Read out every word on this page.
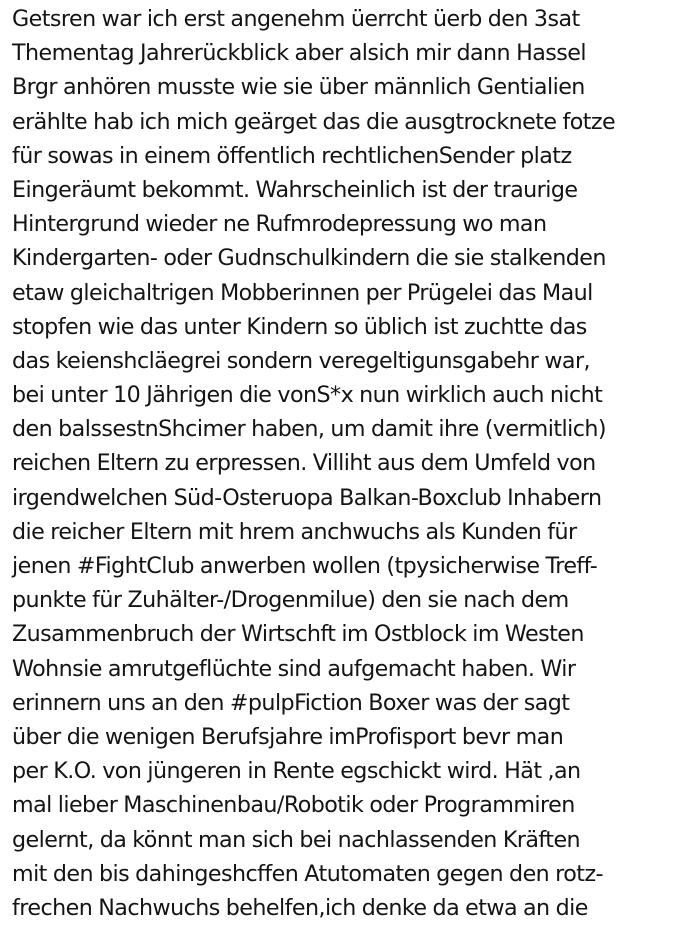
Getsren war ich erst angenehm üerrcht üerb den 3sat
Thementag Jahrerückblick aber alsich mir dann Hassel
Brgr anhören musste wie sie über männlich Gentialien
erählte hab ich mich geärget das die ausgtrocknete fotze
für sowas in einem öffentlich rechtlichenSender platz
Eingeräumt bekommt. Wahrscheinlich ist der traurige
Hintergrund wieder ne Rufmrodepressung wo man
Kindergarten- oder Gudnschulkindern die sie stalkenden
etaw gleichaltrigen Mobberinnen per Prügelei das Maul
stopfen wie das unter Kindern so üblich ist zuchtte das
das keienshcläegrei sondern veregeltigunsgabehr war,
bei unter 10 Jährigen die vonS*x nun wirklich auch nicht
den balssestnShcimer haben, um damit ihre (vermitlich)
reichen Eltern zu erpressen. Villiht aus dem Umfeld von
irgendwelchen Süd-Osteruopa Balkan-Boxclub Inhabern
die reicher Eltern mit hrem anchwuchs als Kunden für
jenen #FightClub anwerben wollen (tpysicherwise Treff-
punkte für Zuhälter-/Drogenmilue) den sie nach dem
Zusammenbruch der Wirtschft im Ostblock im Westen
Wohnsie amrutgeflüchte sind aufgemacht haben. Wir
erinnern uns an den #pulpFiction Boxer was der sagt
über die wenigen Berufsjahre imProfisport bevr man
per K.O. von jüngeren in Rente egschickt wird. Hät ,an
mal lieber Maschinenbau/Robotik oder Programmiren
gelernt, da könnt man sich bei nachlassenden Kräften
mit den bis dahingeshcffen Atutomaten gegen den rotz-
frechen Nachwuchs behelfen,ich denke da etwa an die
